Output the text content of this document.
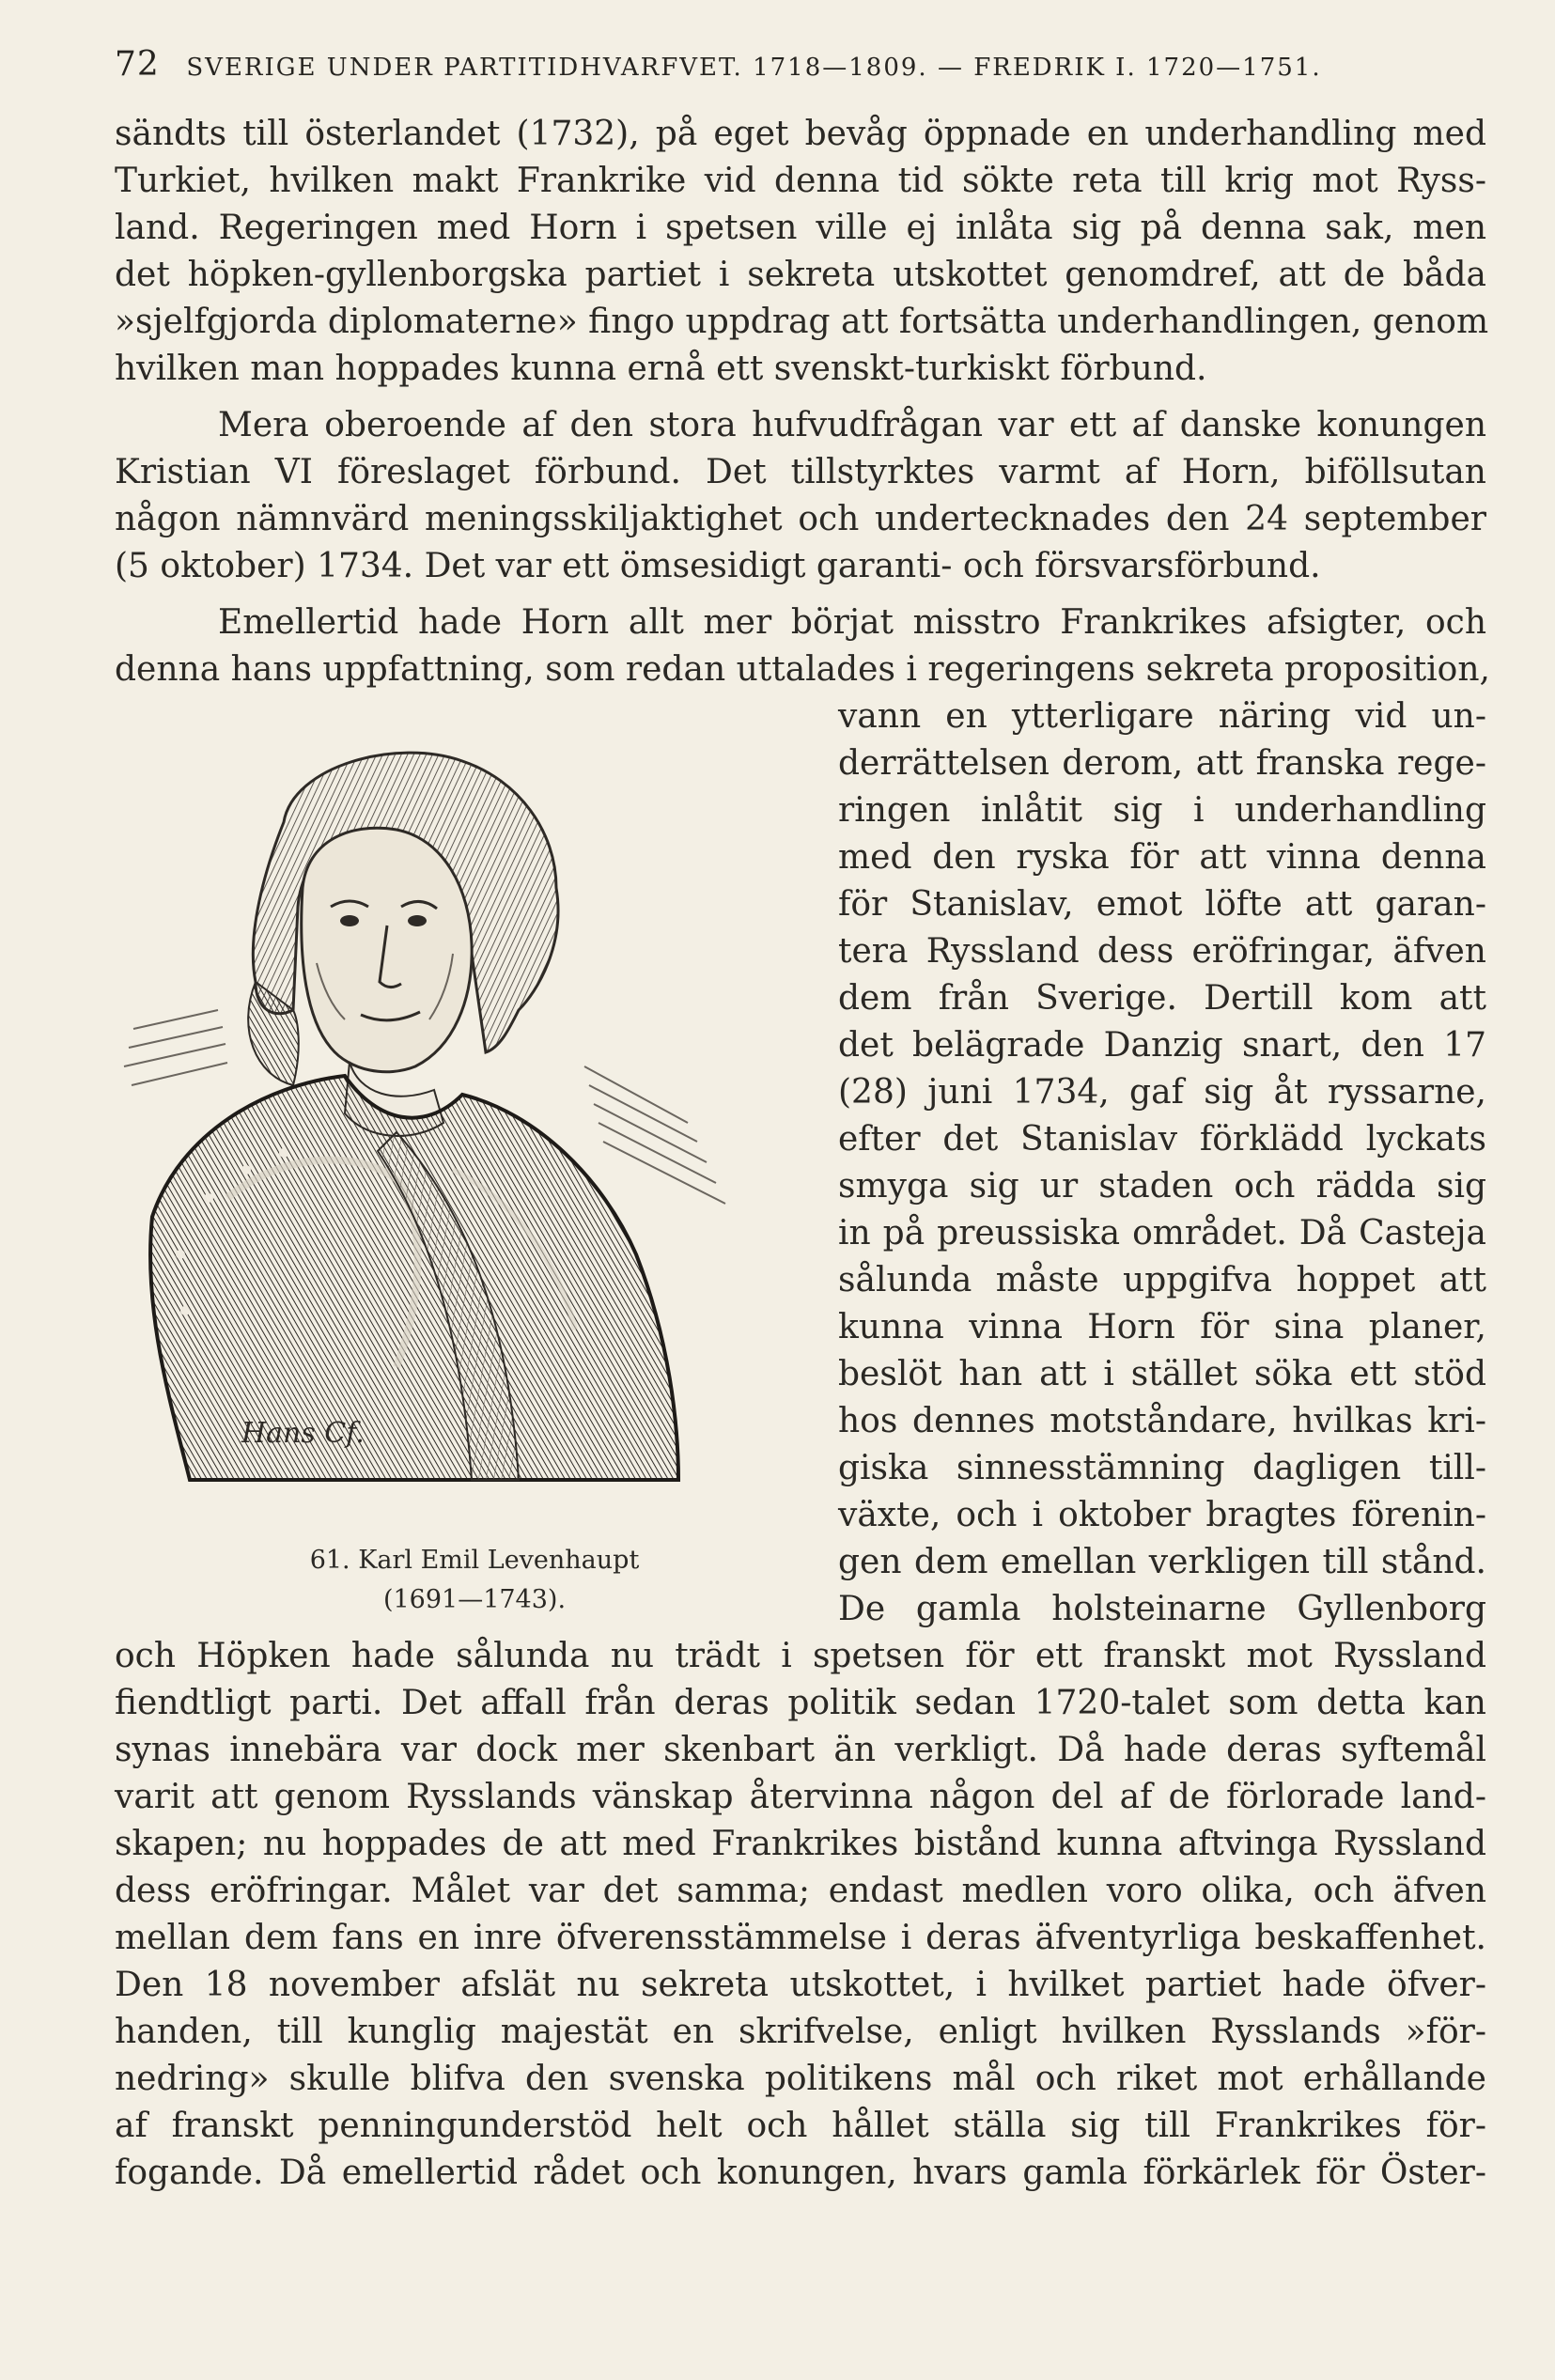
72 SVERIGE UNDER PARTITIDHVARFVET. 1718—1809. — FREDRIK I. 1720—1751.
sändts till österlandet (1732), på eget bevåg öppnade en underhandling med
Turkiet, hvilken makt Frankrike vid denna tid sökte reta till krig mot Ryss-
land. Regeringen med Horn i spetsen ville ej inlåta sig på denna sak, men
det höpken-gyllenborgska partiet i sekreta utskottet genomdref, att de båda
»sjelfgjorda diplomaterne» fingo uppdrag att fortsätta underhandlingen, genom
hvilken man hoppades kunna ernå ett svenskt-turkiskt förbund.
Mera oberoende af den stora hufvudfrågan var ett af danske konungen
Kristian VI föreslaget förbund. Det tillstyrktes varmt af Horn, biföllsutan
någon nämnvärd meningsskiljaktighet och undertecknades den 24 september
(5 oktober) 1734. Det var ett ömsesidigt garanti- och försvarsförbund.
Emellertid hade Horn allt mer börjat misstro Frankrikes afsigter, och
denna hans uppfattning, som redan uttalades i regeringens sekreta proposition,
vann en ytterligare näring vid un-
derrättelsen derom, att franska rege-
ringen inlåtit sig i underhandling
med den ryska för att vinna denna
för Stanislav, emot löfte att garan-
tera Ryssland dess eröfringar, äfven
dem från Sverige. Dertill kom att
det belägrade Danzig snart, den 17
(28) juni 1734, gaf sig åt ryssarne,
efter det Stanislav förklädd lyckats
smyga sig ur staden och rädda sig
in på preussiska området. Då Casteja
sålunda måste uppgifva hoppet att
kunna vinna Horn för sina planer,
beslöt han att i stället söka ett stöd
hos dennes motståndare, hvilkas kri-
giska sinnesstämning dagligen till-
växte, och i oktober bragtes förenin-
gen dem emellan verkligen till stånd.
De gamla holsteinarne Gyllenborg
och Höpken hade sålunda nu trädt i spetsen för ett franskt mot Ryssland
fiendtligt parti. Det affall från deras politik sedan 1720-talet som detta kan
synas innebära var dock mer skenbart än verkligt. Då hade deras syftemål
varit att genom Rysslands vänskap återvinna någon del af de förlorade land-
skapen; nu hoppades de att med Frankrikes bistånd kunna aftvinga Ryssland
dess eröfringar. Målet var det samma; endast medlen voro olika, och äfven
mellan dem fans en inre öfverensstämmelse i deras äfventyrliga beskaffenhet.
Den 18 november afslät nu sekreta utskottet, i hvilket partiet hade öfver-
handen, till kunglig majestät en skrifvelse, enligt hvilken Rysslands »för-
nedring» skulle blifva den svenska politikens mål och riket mot erhållande
af franskt penningunderstöd helt och hållet ställa sig till Frankrikes för-
fogande. Då emellertid rådet och konungen, hvars gamla förkärlek för Öster-
Hans Cf.
61. Karl Emil Levenhaupt
(1691—1743).
